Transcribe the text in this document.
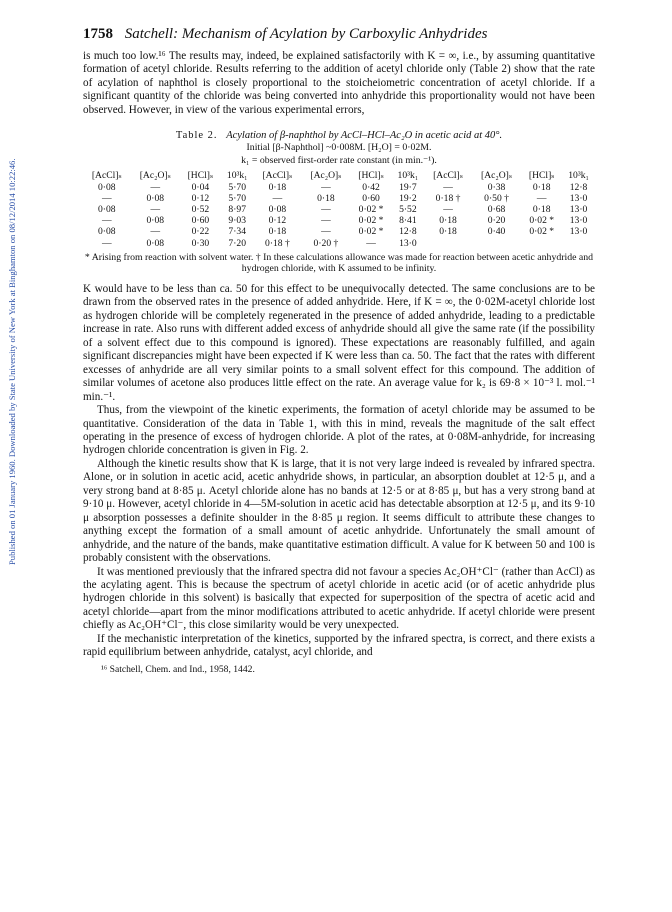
Published on 01 January 1960. Downloaded by State University of New York at Binghamton on 08/12/2014 10:22:46.
1758 Satchell: Mechanism of Acylation by Carboxylic Anhydrides

is much too low.¹⁶ The results may, indeed, be explained satisfactorily with K = ∞, i.e., by assuming quantitative formation of acetyl chloride. Results referring to the addition of acetyl chloride only (Table 2) show that the rate of acylation of naphthol is closely proportional to the stoicheiometric concentration of acetyl chloride. If a significant quantity of the chloride was being converted into anhydride this proportionality would not have been observed. However, in view of the various experimental errors,

Table 2. Acylation of β-naphthol by AcCl–HCl–Ac₂O in acetic acid at 40°.
Initial [β-Naphthol] ~0·008M. [H₂O] = 0·02M.
k₁ = observed first-order rate constant (in min.⁻¹).
[AcCl]ₛ	[Ac₂O]ₛ	[HCl]ₛ	10³k₁	[AcCl]ₛ	[Ac₂O]ₛ	[HCl]ₛ	10³k₁	[AcCl]ₛ	[Ac₂O]ₛ	[HCl]ₛ	10³k₁
0·08	—	0·04	5·70	0·18	—	0·42	19·7	—	0·38	0·18	12·8
—	0·08	0·12	5·70	—	0·18	0·60	19·2	0·18 †	0·50 †	—	13·0
0·08	—	0·52	8·97	0·08	—	0·02 *	5·52	—	0·68	0·18	13·0
—	0·08	0·60	9·03	0·12	—	0·02 *	8·41	0·18	0·20	0·02 *	13·0
0·08	—	0·22	7·34	0·18	—	0·02 *	12·8	0·18	0·40	0·02 *	13·0
—	0·08	0·30	7·20	0·18 †	0·20 †	—	13·0				
* Arising from reaction with solvent water. † In these calculations allowance was made for reaction between acetic anhydride and hydrogen chloride, with K assumed to be infinity.

K would have to be less than ca. 50 for this effect to be unequivocally detected. The same conclusions are to be drawn from the observed rates in the presence of added anhydride. Here, if K = ∞, the 0·02M-acetyl chloride lost as hydrogen chloride will be completely regenerated in the presence of added anhydride, leading to a predictable increase in rate. Also runs with different added excess of anhydride should all give the same rate (if the possibility of a solvent effect due to this compound is ignored). These expectations are reasonably fulfilled, and again significant discrepancies might have been expected if K were less than ca. 50. The fact that the rates with different excesses of anhydride are all very similar points to a small solvent effect for this compound. The addition of similar volumes of acetone also produces little effect on the rate. An average value for k₂ is 69·8 × 10⁻³ l. mol.⁻¹ min.⁻¹.

Thus, from the viewpoint of the kinetic experiments, the formation of acetyl chloride may be assumed to be quantitative. Consideration of the data in Table 1, with this in mind, reveals the magnitude of the salt effect operating in the presence of excess of hydrogen chloride. A plot of the rates, at 0·08M-anhydride, for increasing hydrogen chloride concentration is given in Fig. 2.

Although the kinetic results show that K is large, that it is not very large indeed is revealed by infrared spectra. Alone, or in solution in acetic acid, acetic anhydride shows, in particular, an absorption doublet at 12·5 μ, and a very strong band at 8·85 μ. Acetyl chloride alone has no bands at 12·5 or at 8·85 μ, but has a very strong band at 9·10 μ. However, acetyl chloride in 4—5M-solution in acetic acid has detectable absorption at 12·5 μ, and its 9·10 μ absorption possesses a definite shoulder in the 8·85 μ region. It seems difficult to attribute these changes to anything except the formation of a small amount of acetic anhydride. Unfortunately the small amount of anhydride, and the nature of the bands, make quantitative estimation difficult. A value for K between 50 and 100 is probably consistent with the observations.

It was mentioned previously that the infrared spectra did not favour a species Ac₂OH⁺Cl⁻ (rather than AcCl) as the acylating agent. This is because the spectrum of acetyl chloride in acetic acid (or of acetic anhydride plus hydrogen chloride in this solvent) is basically that expected for superposition of the spectra of acetic acid and acetyl chloride—apart from the minor modifications attributed to acetic anhydride. If acetyl chloride were present chiefly as Ac₂OH⁺Cl⁻, this close similarity would be very unexpected.

If the mechanistic interpretation of the kinetics, supported by the infrared spectra, is correct, and there exists a rapid equilibrium between anhydride, catalyst, acyl chloride, and

¹⁶ Satchell, Chem. and Ind., 1958, 1442.
